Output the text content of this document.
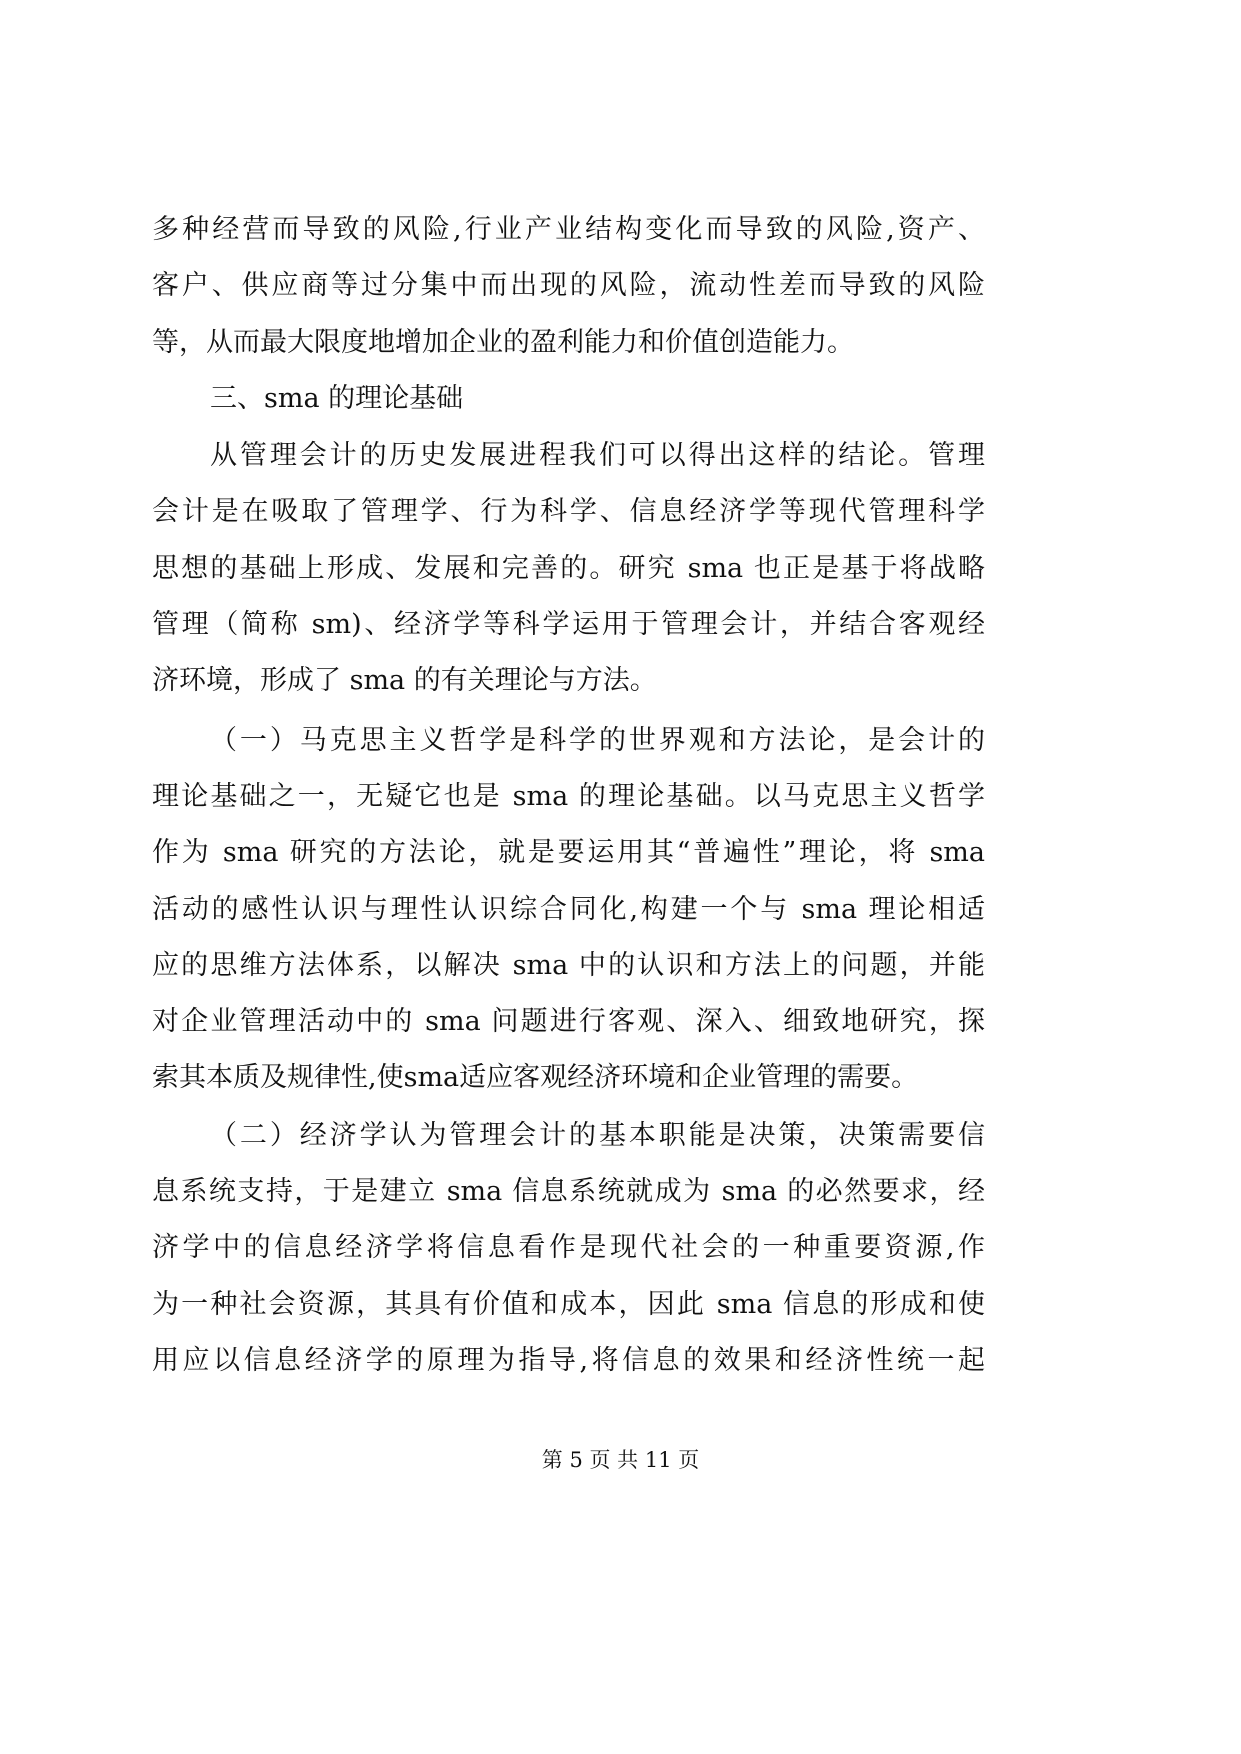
多种经营而导致的风险,行业产业结构变化而导致的风险,资产、
客户、供应商等过分集中而出现的风险，流动性差而导致的风险
等，从而最大限度地增加企业的盈利能力和价值创造能力。
三、sma 的理论基础
从管理会计的历史发展进程我们可以得出这样的结论。管理
会计是在吸取了管理学、行为科学、信息经济学等现代管理科学
思想的基础上形成、发展和完善的。研究 sma 也正是基于将战略
管理（简称 sm)、经济学等科学运用于管理会计，并结合客观经
济环境，形成了 sma 的有关理论与方法。
（一）马克思主义哲学是科学的世界观和方法论，是会计的
理论基础之一，无疑它也是 sma 的理论基础。以马克思主义哲学
作为 sma 研究的方法论，就是要运用其“普遍性”理论，将 sma
活动的感性认识与理性认识综合同化,构建一个与 sma 理论相适
应的思维方法体系，以解决 sma 中的认识和方法上的问题，并能
对企业管理活动中的 sma 问题进行客观、深入、细致地研究，探
索其本质及规律性,使sma适应客观经济环境和企业管理的需要。
（二）经济学认为管理会计的基本职能是决策，决策需要信
息系统支持，于是建立 sma 信息系统就成为 sma 的必然要求，经
济学中的信息经济学将信息看作是现代社会的一种重要资源,作
为一种社会资源，其具有价值和成本，因此 sma 信息的形成和使
用应以信息经济学的原理为指导,将信息的效果和经济性统一起
第 5 页 共 11 页
